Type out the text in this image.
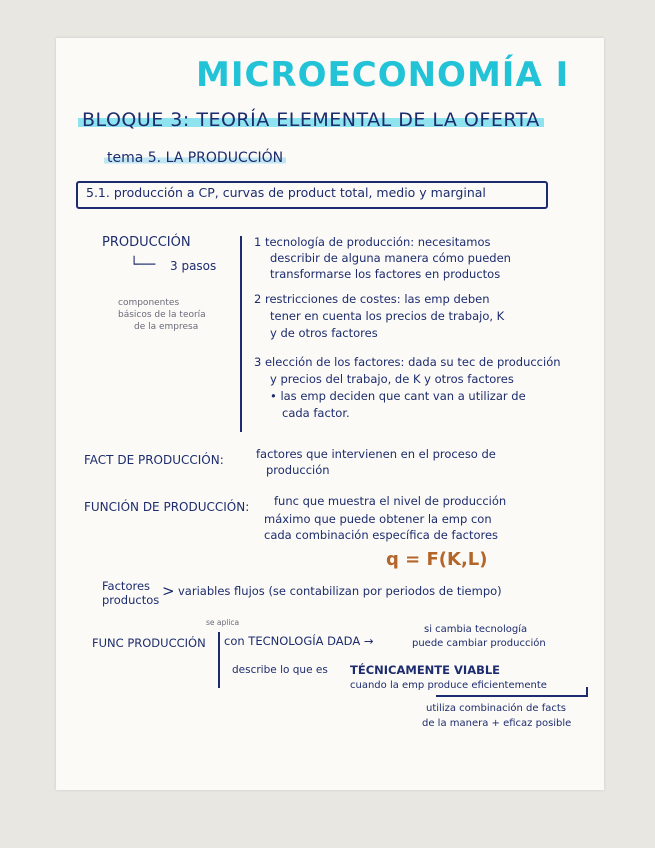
MICROECONOMÍA I
BLOQUE 3: TEORÍA ELEMENTAL DE LA OFERTA
tema 5. LA PRODUCCIÓN
5.1. producción a CP, curvas de product total, medio y marginal
PRODUCCIÓN
└── 3 pasos
componentes
básicos de la teoría
de la empresa
1 tecnología de producción: necesitamos
describir de alguna manera cómo pueden
transformarse los factores en productos
2 restricciones de costes: las emp deben
tener en cuenta los precios de trabajo, K
y de otros factores
3 elección de los factores: dada su tec de producción
y precios del trabajo, de K y otros factores
• las emp deciden que cant van a utilizar de
cada factor.
FACT DE PRODUCCIÓN:	factores que intervienen en el proceso de
producción
FUNCIÓN DE PRODUCCIÓN: func que muestra el nivel de producción
máximo que puede obtener la emp con
cada combinación específica de factores
q = F(K,L)
Factores
productos > variables flujos (se contabilizan por periodos de tiempo)
se aplica
FUNC PRODUCCIÓN con TECNOLOGÍA DADA →
si cambia tecnología
puede cambiar producción
describe lo que es TÉCNICAMENTE VIABLE
cuando la emp produce eficientemente
utiliza combinación de facts
de la manera + eficaz posible
